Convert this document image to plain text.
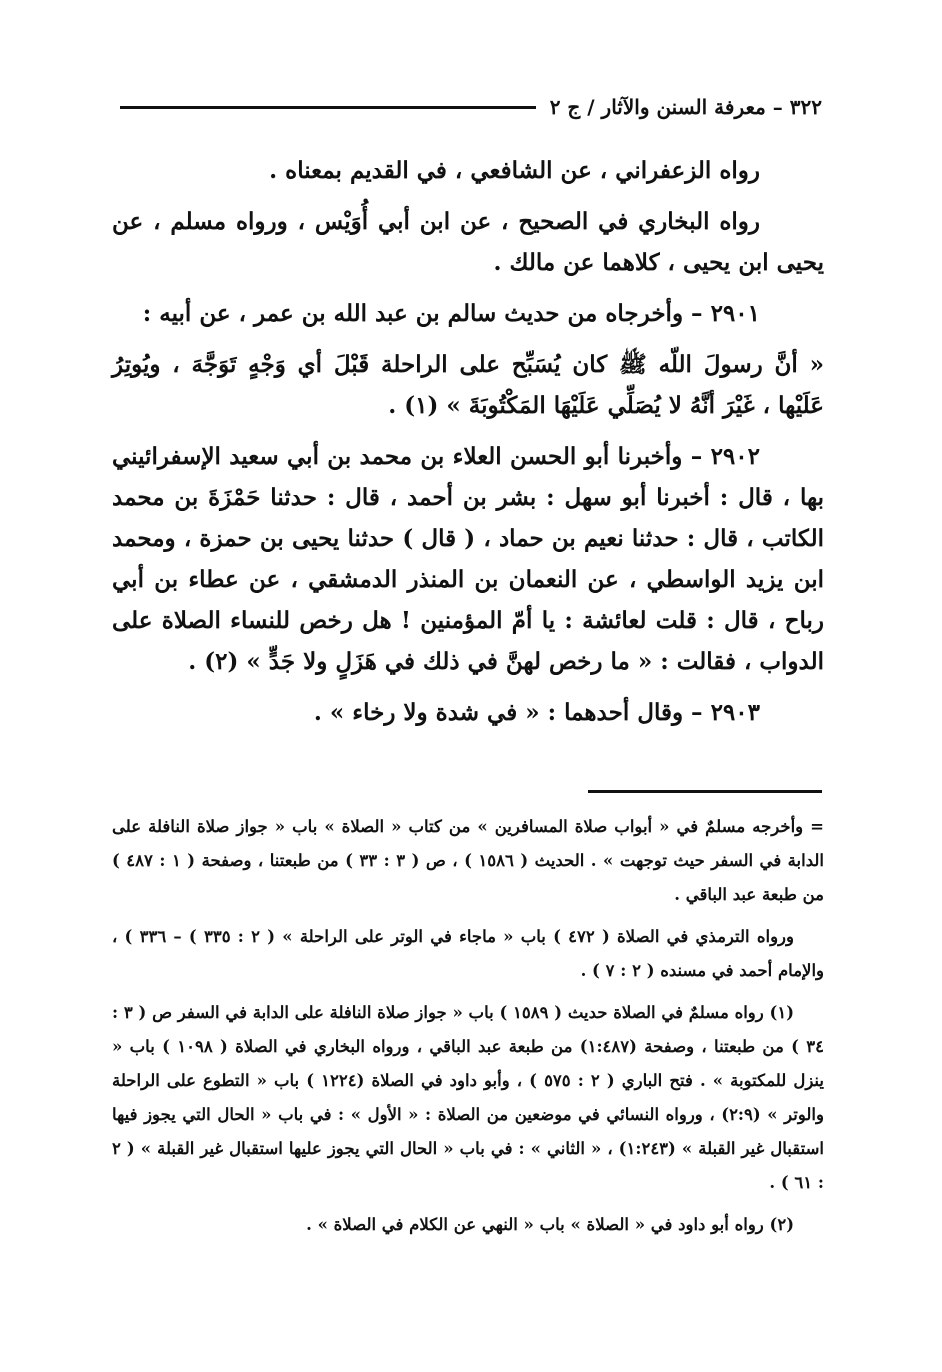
٣٢٢ – معرفة السنن والآثار / ج ٢

رواه الزعفراني ، عن الشافعي ، في القديم بمعناه .

رواه البخاري في الصحيح ، عن ابن أبي أُوَيْس ، ورواه مسلم ، عن يحيى ابن يحيى ، كلاهما عن مالك .

٢٩٠١ – وأخرجاه من حديث سالم بن عبد الله بن عمر ، عن أبيه :

« أنَّ رسولَ اللّه ﷺ كان يُسَبِّح على الراحلة قَبْلَ أي وَجْهٍ تَوَجَّهَ ، ويُوتِرُ عَلَيْها ، غَيْرَ أنَّهُ لا يُصَلِّي عَلَيْهَا المَكْتُوبَةَ » (١) .

٢٩٠٢ – وأخبرنا أبو الحسن العلاء بن محمد بن أبي سعيد الإسفرائيني بها ، قال : أخبرنا أبو سهل : بشر بن أحمد ، قال : حدثنا حَمْزَةَ بن محمد الكاتب ، قال : حدثنا نعيم بن حماد ، ( قال ) حدثنا يحيى بن حمزة ، ومحمد ابن يزيد الواسطي ، عن النعمان بن المنذر الدمشقي ، عن عطاء بن أبي رباح ، قال : قلت لعائشة : يا أمّ المؤمنين ! هل رخص للنساء الصلاة على الدواب ، فقالت : « ما رخص لهنَّ في ذلك في هَزَلٍ ولا جَدٍّ » (٢) .

٢٩٠٣ – وقال أحدهما : « في شدة ولا رخاء » .

= وأخرجه مسلمٌ في « أبواب صلاة المسافرين » من كتاب « الصلاة » باب « جواز صلاة النافلة على الدابة في السفر حيث توجهت » . الحديث ( ١٥٨٦ ) ، ص ( ٣ : ٣٣ ) من طبعتنا ، وصفحة ( ١ : ٤٨٧ ) من طبعة عبد الباقي .

ورواه الترمذي في الصلاة ( ٤٧٢ ) باب « ماجاء في الوتر على الراحلة » ( ٢ : ٣٣٥ ) – ٣٣٦ ) ، والإمام أحمد في مسنده ( ٢ : ٧ ) .

(١) رواه مسلمٌ في الصلاة حديث ( ١٥٨٩ ) باب « جواز صلاة النافلة على الدابة في السفر ص ( ٣ : ٣٤ ) من طبعتنا ، وصفحة (١:٤٨٧) من طبعة عبد الباقي ، ورواه البخاري في الصلاة ( ١٠٩٨ ) باب « ينزل للمكتوبة » . فتح الباري ( ٢ : ٥٧٥ ) ، وأبو داود في الصلاة (١٢٢٤ ) باب « التطوع على الراحلة والوتر » (٢:٩) ، ورواه النسائي في موضعين من الصلاة : « الأول » : في باب « الحال التي يجوز فيها استقبال غير القبلة » (١:٢٤٣) ، « الثاني » : في باب « الحال التي يجوز عليها استقبال غير القبلة » ( ٢ : ٦١ ) .

(٢) رواه أبو داود في « الصلاة » باب « النهي عن الكلام في الصلاة » .
